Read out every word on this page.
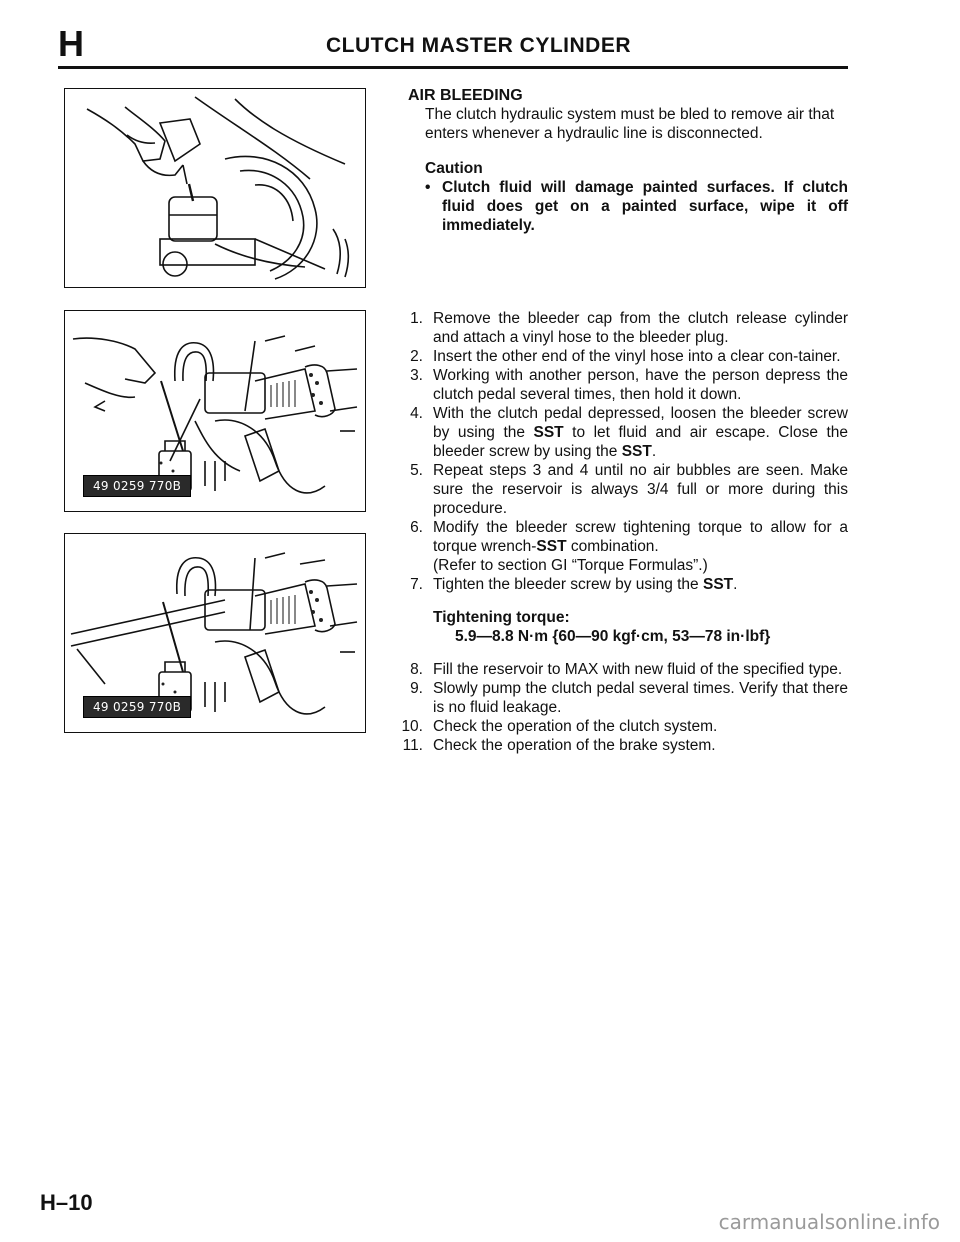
H	CLUTCH MASTER CYLINDER
49 0259 770B
49 0259 770B

AIR BLEEDING

The clutch hydraulic system must be bled to remove air that enters whenever a hydraulic line is disconnected.

Caution
• Clutch fluid will damage painted surfaces. If clutch fluid does get on a painted surface, wipe it off immediately.
1. Remove the bleeder cap from the clutch release cylinder and attach a vinyl hose to the bleeder plug.
2. Insert the other end of the vinyl hose into a clear con-tainer.
3. Working with another person, have the person depress the clutch pedal several times, then hold it down.
4. With the clutch pedal depressed, loosen the bleeder screw by using the SST to let fluid and air escape. Close the bleeder screw by using the SST.
5. Repeat steps 3 and 4 until no air bubbles are seen. Make sure the reservoir is always 3/4 full or more during this procedure.
6. Modify the bleeder screw tightening torque to allow for a torque wrench-SST combination.
(Refer to section GI “Torque Formulas”.)
7. Tighten the bleeder screw by using the SST.
Tightening torque:
5.9—8.8 N·m {60—90 kgf·cm, 53—78 in·lbf}
8. Fill the reservoir to MAX with new fluid of the specified type.
9. Slowly pump the clutch pedal several times. Verify that there is no fluid leakage.
10. Check the operation of the clutch system.
11. Check the operation of the brake system.
H–10
carmanualsonline.info
